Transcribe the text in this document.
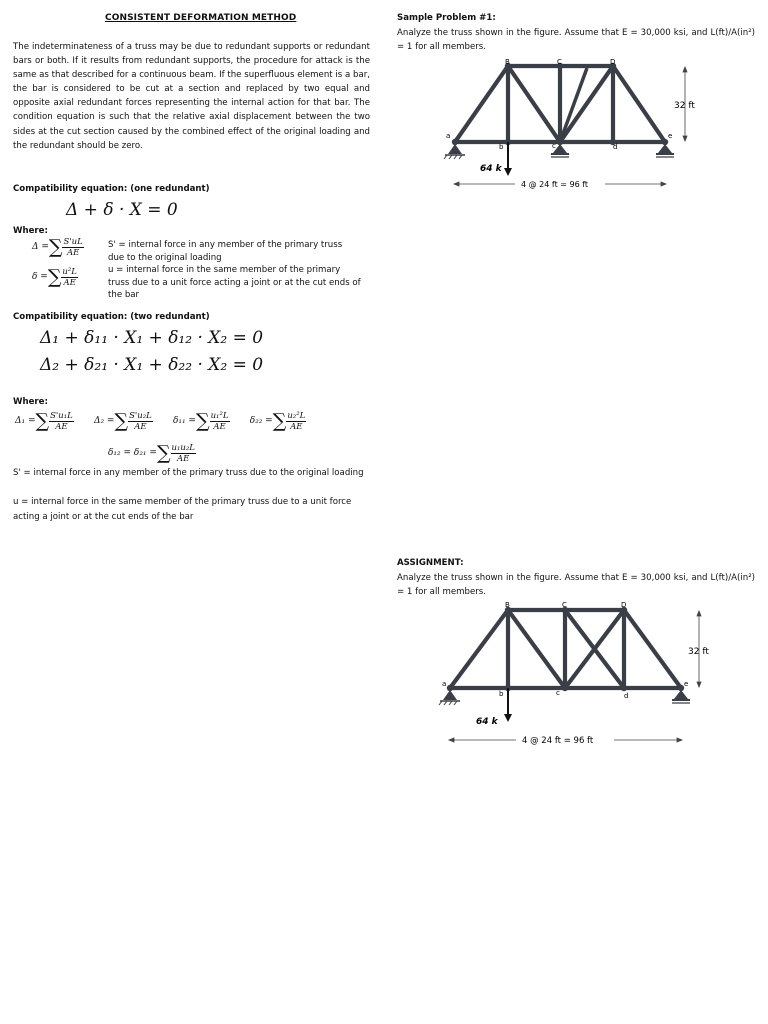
CONSISTENT DEFORMATION METHOD
The indeterminateness of a truss may be due to redundant supports or redundant bars or both. If it results from redundant supports, the procedure for attack is the same as that described for a continuous beam. If the superfluous element is a bar, the bar is considered to be cut at a section and replaced by two equal and opposite axial redundant forces representing the internal action for that bar. The condition equation is such that the relative axial displacement between the two sides at the cut section caused by the combined effect of the original loading and the redundant should be zero.
Compatibility equation: (one redundant)
Δ + δ · X = 0
Where:
Δ =∑ $\frac{S'uL}{AE}$	S' = internal force in any member of the primary truss due to the original loading
δ =∑ $\frac{\text{u²L}}{AE}$	u = internal force in the same member of the primary truss due to a unit force acting a joint or at the cut ends of the bar
Compatibility equation: (two redundant)
Δ₁ + δ₁₁ · X₁ + δ₁₂ · X₂ = 0
Δ₂ + δ₂₁ · X₁ + δ₂₂ · X₂ = 0
Where:
Δ₁ =∑ $\frac{\text{S'u₁L}}{AE} \Delta_2$ =∑ $\frac{\text{S'u₂L}}{AE} \delta_{11}$ =∑ $\frac{\text{u₁²L}}{AE} \delta_{22}$ =∑ $\frac{\text{u₂²L}}{AE}$
δ₁₂ = δ₂₁ =∑ $\frac{\text{u₁u₂L}}{AE}$
S' = internal force in any member of the primary truss due to the original loading
u = internal force in the same member of the primary truss due to a unit force acting a joint or at the cut ends of the bar
Sample Problem #1:
Analyze the truss shown in the figure. Assume that E = 30,000 ksi, and L(ft)/A(in²) = 1 for all members.
64 k
B	C	D
a
b	c	d
e
32 ft
4 @ 24 ft = 96 ft
ASSIGNMENT:
Analyze the truss shown in the figure. Assume that E = 30,000 ksi, and L(ft)/A(in²) = 1 for all members.
64 k
B	C	D
a
b	c	d
e
32 ft
4 @ 24 ft = 96 ft
